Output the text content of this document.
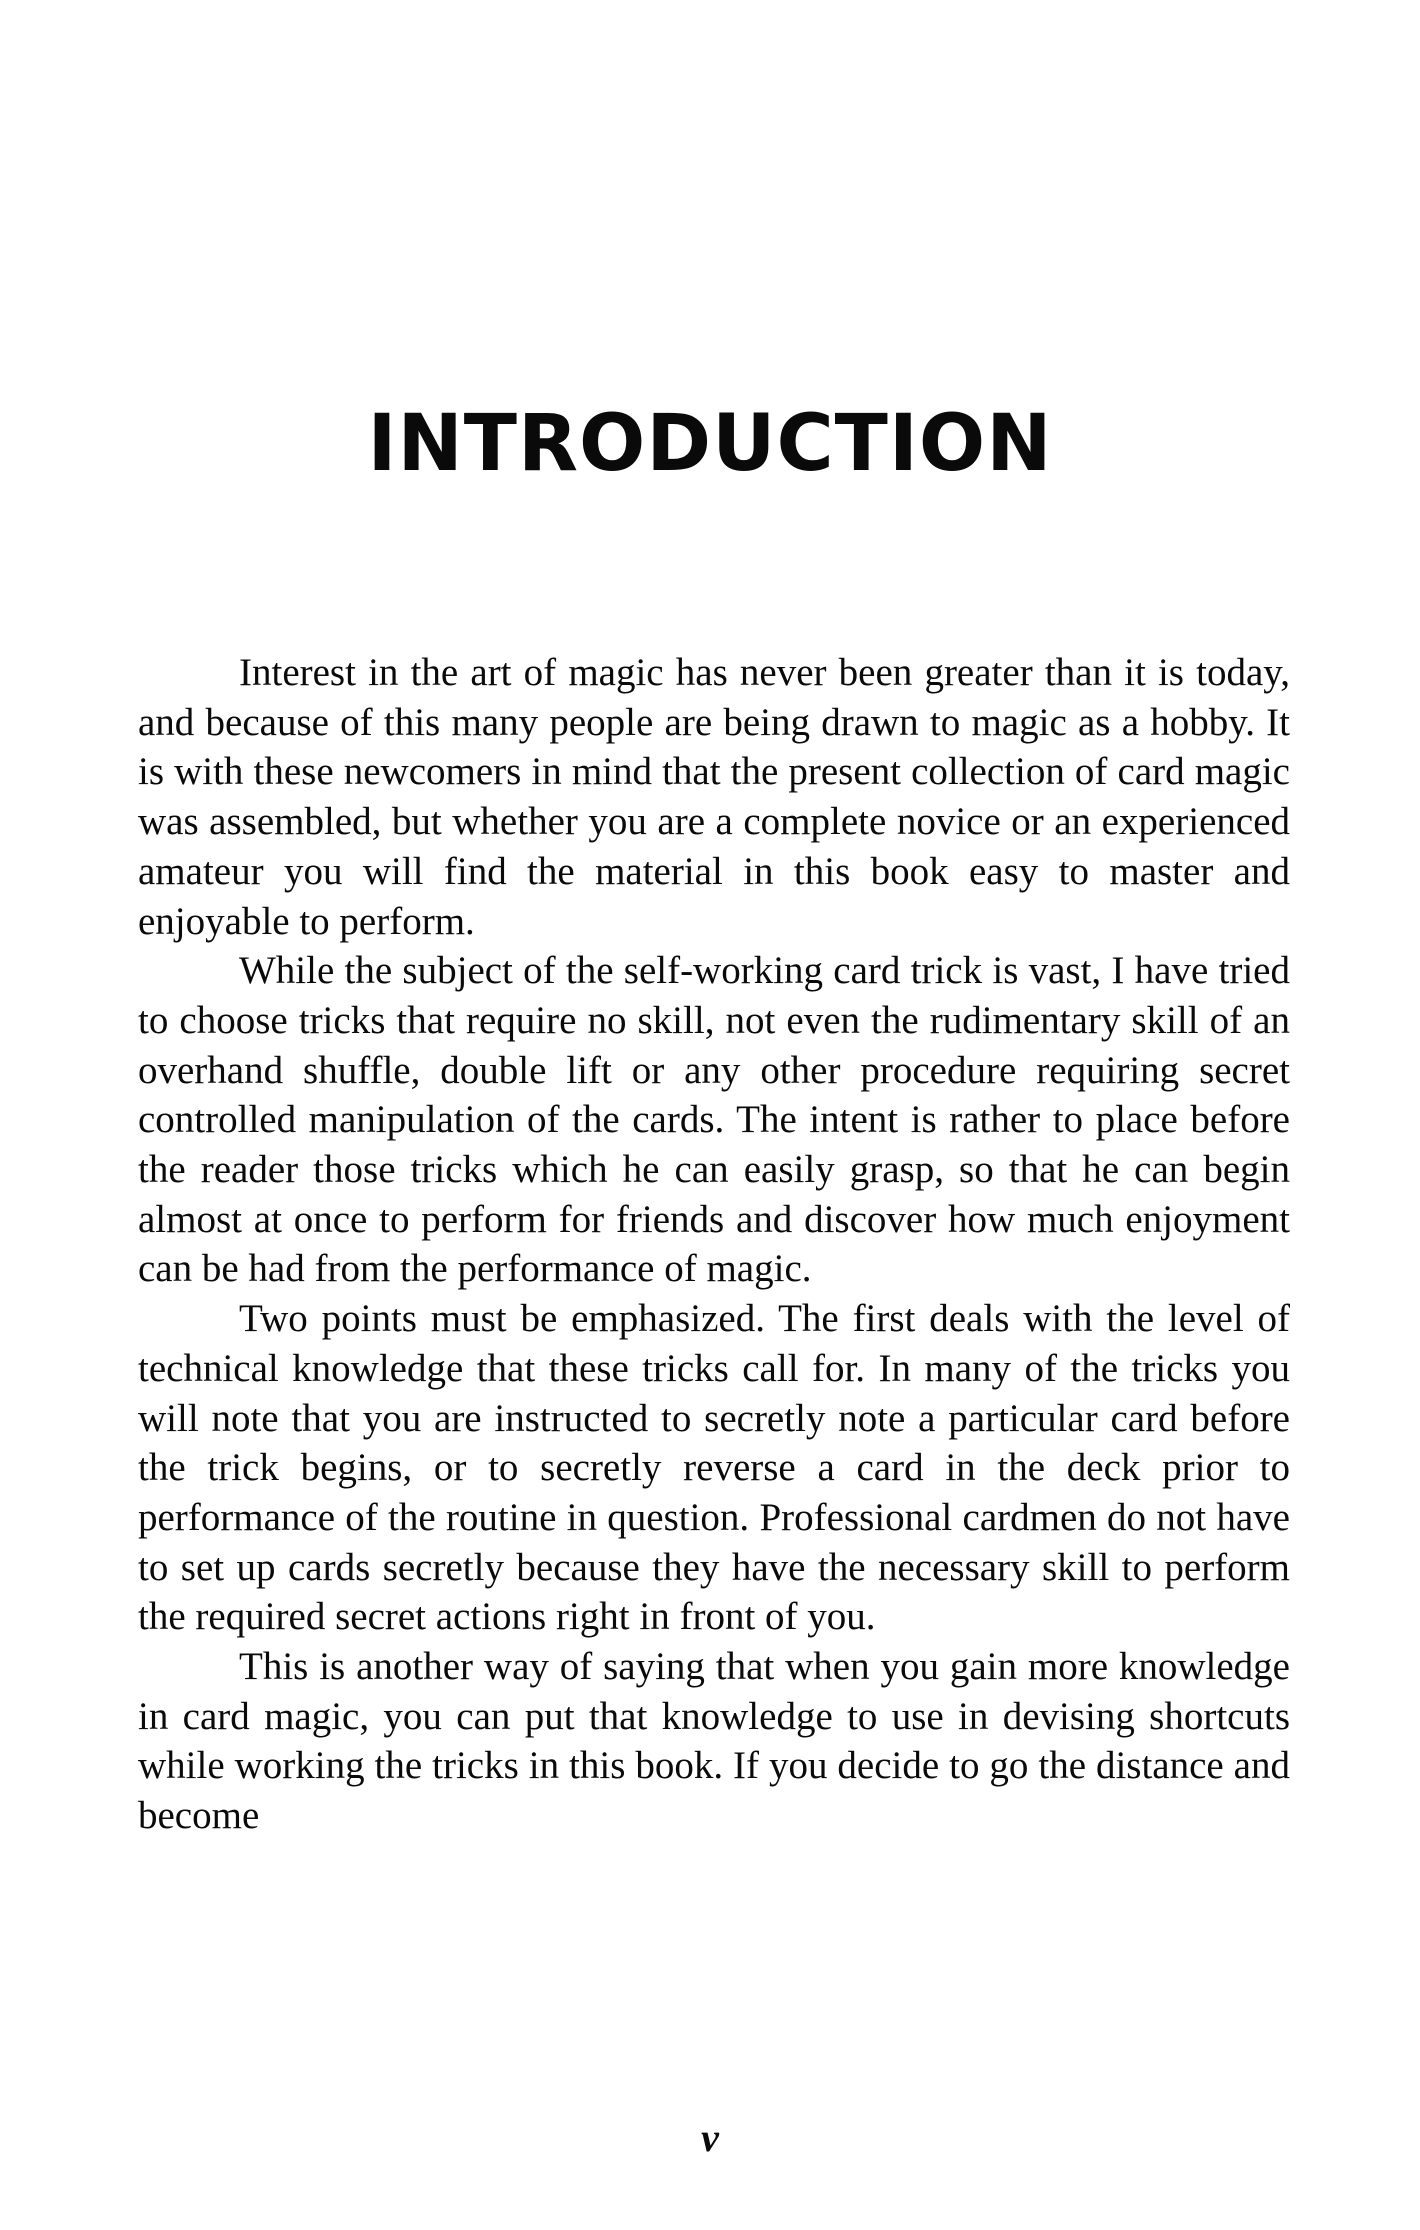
INTRODUCTION

Interest in the art of magic has never been greater than it is today, and because of this many people are being drawn to magic as a hobby. It is with these newcomers in mind that the present collection of card magic was assembled, but whether you are a complete novice or an experienced amateur you will find the material in this book easy to master and enjoyable to perform.

While the subject of the self-working card trick is vast, I have tried to choose tricks that require no skill, not even the rudimentary skill of an overhand shuffle, double lift or any other procedure requiring secret controlled manipulation of the cards. The intent is rather to place before the reader those tricks which he can easily grasp, so that he can begin almost at once to perform for friends and discover how much enjoyment can be had from the performance of magic.

Two points must be emphasized. The first deals with the level of technical knowledge that these tricks call for. In many of the tricks you will note that you are instructed to secretly note a particular card before the trick begins, or to secretly reverse a card in the deck prior to performance of the routine in question. Professional cardmen do not have to set up cards secretly because they have the necessary skill to perform the required secret actions right in front of you.

This is another way of saying that when you gain more knowledge in card magic, you can put that knowledge to use in devising shortcuts while working the tricks in this book. If you decide to go the distance and become

v
